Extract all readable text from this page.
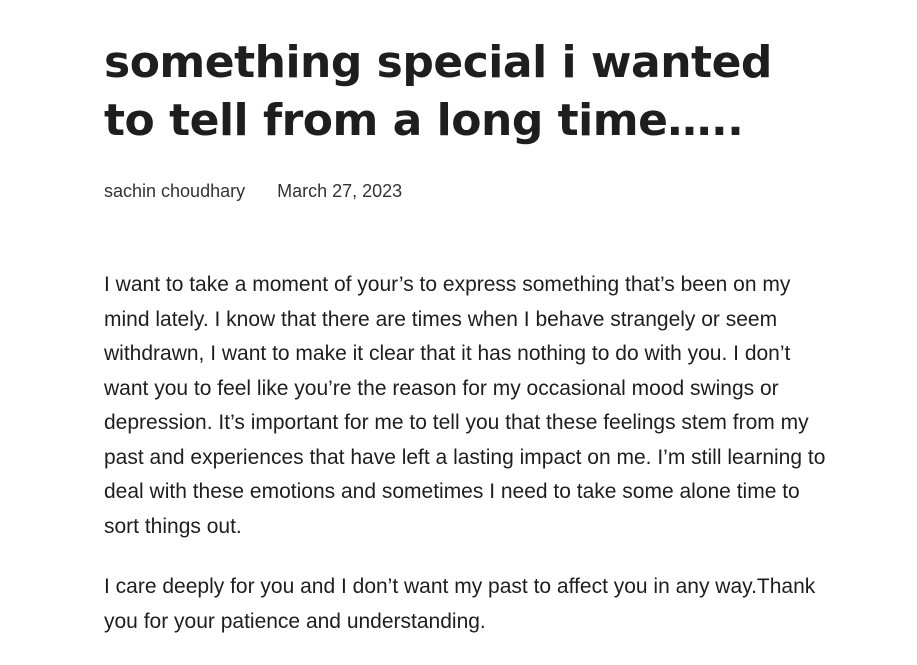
something special i wanted to tell from a long time…..
sachin choudhary March 27, 2023

I want to take a moment of your’s to express something that’s been on my mind lately. I know that there are times when I behave strangely or seem withdrawn, I want to make it clear that it has nothing to do with you. I don’t want you to feel like you’re the reason for my occasional mood swings or depression. It’s important for me to tell you that these feelings stem from my past and experiences that have left a lasting impact on me. I’m still learning to deal with these emotions and sometimes I need to take some alone time to sort things out.

I care deeply for you and I don’t want my past to affect you in any way.Thank you for your patience and understanding.
